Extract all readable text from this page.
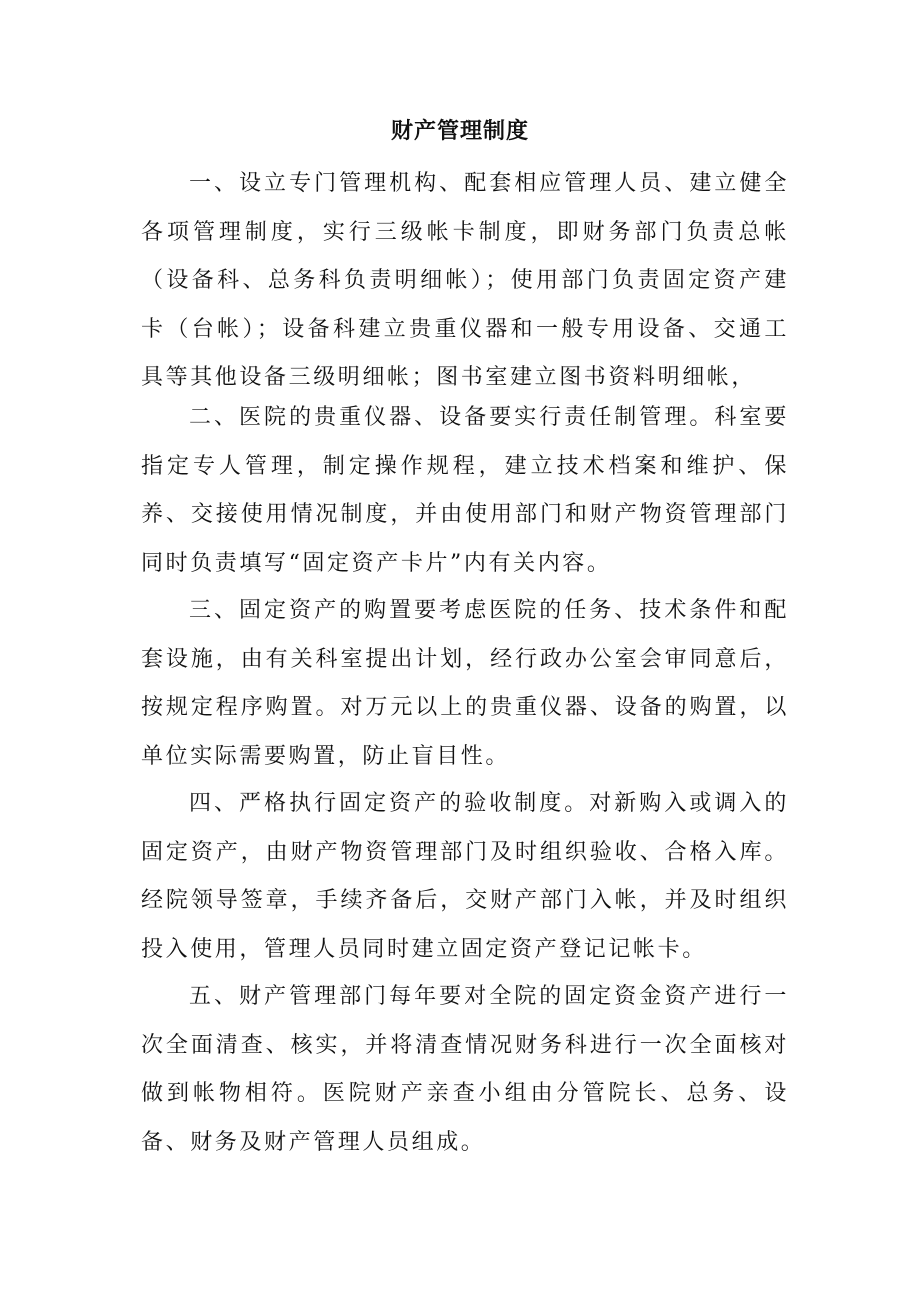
财产管理制度

一、设立专门管理机构、配套相应管理人员、建立健全各项管理制度，实行三级帐卡制度，即财务部门负责总帐（设备科、总务科负责明细帐）；使用部门负责固定资产建卡（台帐）；设备科建立贵重仪器和一般专用设备、交通工具等其他设备三级明细帐；图书室建立图书资料明细帐，

二、医院的贵重仪器、设备要实行责任制管理。科室要指定专人管理，制定操作规程，建立技术档案和维护、保养、交接使用情况制度，并由使用部门和财产物资管理部门同时负责填写“固定资产卡片”内有关内容。

三、固定资产的购置要考虑医院的任务、技术条件和配套设施，由有关科室提出计划，经行政办公室会审同意后，按规定程序购置。对万元以上的贵重仪器、设备的购置，以单位实际需要购置，防止盲目性。

四、严格执行固定资产的验收制度。对新购入或调入的固定资产，由财产物资管理部门及时组织验收、合格入库。经院领导签章，手续齐备后，交财产部门入帐，并及时组织投入使用，管理人员同时建立固定资产登记记帐卡。

五、财产管理部门每年要对全院的固定资金资产进行一次全面清查、核实，并将清查情况财务科进行一次全面核对做到帐物相符。医院财产亲查小组由分管院长、总务、设备、财务及财产管理人员组成。
